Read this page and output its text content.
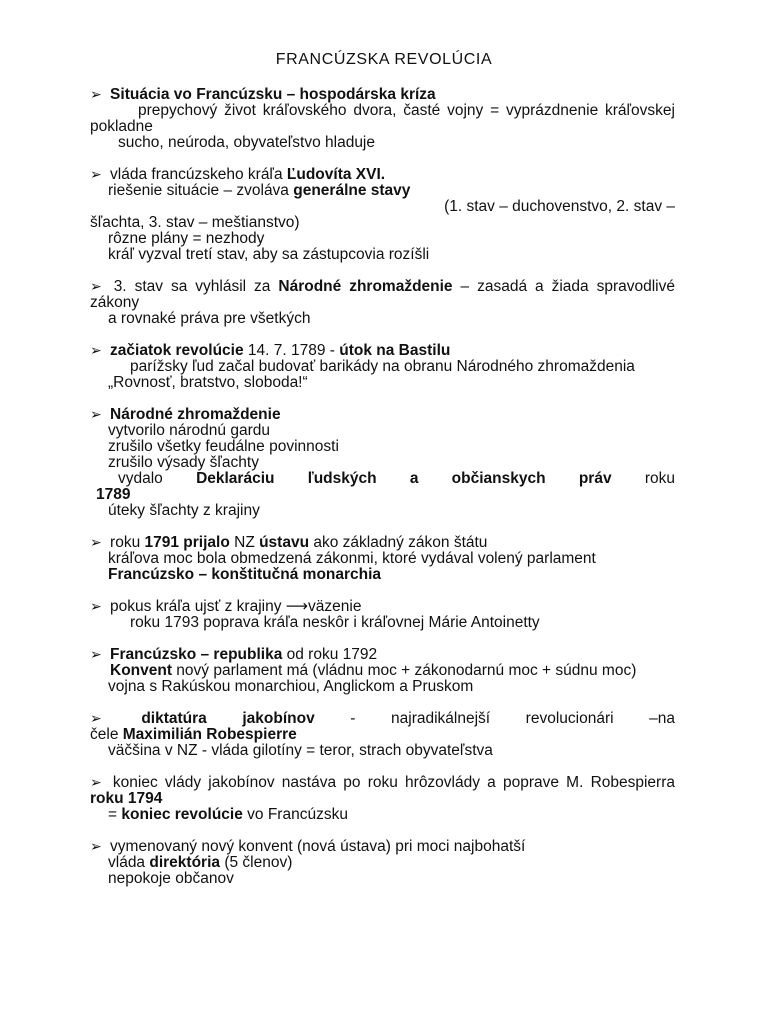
FRANCÚZSKA REVOLÚCIA
➢ Situácia vo Francúzsku – hospodárska kríza
prepychový život kráľovského dvora, časté vojny = vyprázdnenie kráľovskej pokladne
sucho, neúroda, obyvateľstvo hladuje
➢ vláda francúzskeho kráľa Ľudovíta XVI.
riešenie situácie – zvoláva generálne stavy
(1. stav – duchovenstvo, 2. stav –
šľachta, 3. stav – meštianstvo)
rôzne plány = nezhody
kráľ vyzval tretí stav, aby sa zástupcovia rozíšli
➢ 3. stav sa vyhlásil za Národné zhromaždenie – zasadá a žiada spravodlivé zákony
a rovnaké práva pre všetkých
➢ začiatok revolúcie 14. 7. 1789 - útok na Bastilu
parížsky ľud začal budovať barikády na obranu Národného zhromaždenia
„Rovnosť, bratstvo, sloboda!“
➢ Národné zhromaždenie
vytvorilo národnú gardu
zrušilo všetky feudálne povinnosti
zrušilo výsady šľachty
vydalo Deklaráciu ľudských a občianskych práv roku
1789
úteky šľachty z krajiny
➢ roku 1791 prijalo NZ ústavu ako základný zákon štátu
kráľova moc bola obmedzená zákonmi, ktoré vydával volený parlament
Francúzsko – konštitučná monarchia
➢ pokus kráľa ujsť z krajiny ⟶väzenie
roku 1793 poprava kráľa neskôr i kráľovnej Márie Antoinetty
➢ Francúzsko – republika od roku 1792
Konvent nový parlament má (vládnu moc + zákonodarnú moc + súdnu moc)
vojna s Rakúskou monarchiou, Anglickom a Pruskom
➢	diktatúra jakobínov - najradikálnejší revolucionári –na
čele Maximilián Robespierre
väčšina v NZ - vláda gilotíny = teror, strach obyvateľstva
➢ koniec vlády jakobínov nastáva po roku hrôzovlády a poprave M. Robespierra roku 1794
= koniec revolúcie vo Francúzsku
➢ vymenovaný nový konvent (nová ústava) pri moci najbohatší
vláda direktória (5 členov)
nepokoje občanov
